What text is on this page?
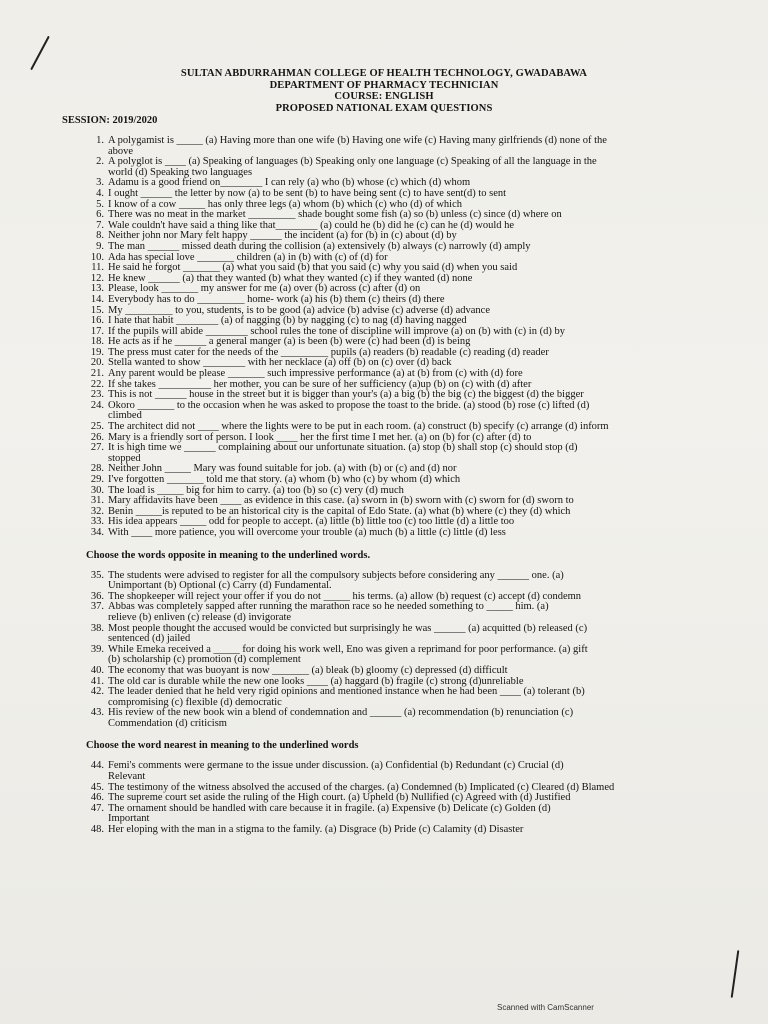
SULTAN ABDURRAHMAN COLLEGE OF HEALTH TECHNOLOGY, GWADABAWA
DEPARTMENT OF PHARMACY TECHNICIAN
COURSE: ENGLISH
PROPOSED NATIONAL EXAM QUESTIONS
SESSION: 2019/2020
1. A polygamist is _____ (a) Having more than one wife (b) Having one wife (c) Having many girlfriends (d) none of the
above
2. A polyglot is ____ (a) Speaking of languages (b) Speaking only one language (c) Speaking of all the language in the
world (d) Speaking two languages
3. Adamu is a good friend on________ I can rely (a) who (b) whose (c) which (d) whom
4. I ought ______ the letter by now (a) to be sent (b) to have being sent (c) to have sent(d) to sent
5. I know of a cow _____ has only three legs (a) whom (b) which (c) who (d) of which
6. There was no meat in the market _________ shade bought some fish (a) so (b) unless (c) since (d) where on
7. Wale couldn't have said a thing like that________ (a) could he (b) did he (c) can he (d) would he
8. Neither john nor Mary felt happy ______ the incident (a) for (b) in (c) about (d) by
9. The man ______ missed death during the collision (a) extensively (b) always (c) narrowly (d) amply
10. Ada has special love _______ children (a) in (b) with (c) of (d) for
11. He said he forgot _______ (a) what you said (b) that you said (c) why you said (d) when you said
12. He knew ______ (a) that they wanted (b) what they wanted (c) if they wanted (d) none
13. Please, look _______ my answer for me (a) over (b) across (c) after (d) on
14. Everybody has to do _________ home- work (a) his (b) them (c) theirs (d) there
15. My _________ to you, students, is to be good (a) advice (b) advise (c) adverse (d) advance
16. I hate that habit ________ (a) of nagging (b) by nagging (c) to nag (d) having nagged
17. If the pupils will abide ________ school rules the tone of discipline will improve (a) on (b) with (c) in (d) by
18. He acts as if he ______ a general manger (a) is been (b) were (c) had been (d) is being
19. The press must cater for the needs of the _________ pupils (a) readers (b) readable (c) reading (d) reader
20. Stella wanted to show ________ with her necklace (a) off (b) on (c) over (d) back
21. Any parent would be please _______ such impressive performance (a) at (b) from (c) with (d) fore
22. If she takes __________ her mother, you can be sure of her sufficiency (a)up (b) on (c) with (d) after
23. This is not ______ house in the street but it is bigger than your's (a) a big (b) the big (c) the biggest (d) the bigger
24. Okoro _______ to the occasion when he was asked to propose the toast to the bride. (a) stood (b) rose (c) lifted (d)
climbed
25. The architect did not ____ where the lights were to be put in each room. (a) construct (b) specify (c) arrange (d) inform
26. Mary is a friendly sort of person. I look ____ her the first time I met her. (a) on (b) for (c) after (d) to
27. It is high time we ______ complaining about our unfortunate situation. (a) stop (b) shall stop (c) should stop (d)
stopped
28. Neither John _____ Mary was found suitable for job. (a) with (b) or (c) and (d) nor
29. I've forgotten _______ told me that story. (a) whom (b) who (c) by whom (d) which
30. The load is _____ big for him to carry. (a) too (b) so (c) very (d) much
31. Mary affidavits have been ____ as evidence in this case. (a) sworn in (b) sworn with (c) sworn for (d) sworn to
32. Benin _____is reputed to be an historical city is the capital of Edo State. (a) what (b) where (c) they (d) which
33. His idea appears _____ odd for people to accept. (a) little (b) little too (c) too little (d) a little too
34. With ____ more patience, you will overcome your trouble (a) much (b) a little (c) little (d) less
Choose the words opposite in meaning to the underlined words.
35. The students were advised to register for all the compulsory subjects before considering any ______ one. (a)
Unimportant (b) Optional (c) Carry (d) Fundamental.
36. The shopkeeper will reject your offer if you do not _____ his terms. (a) allow (b) request (c) accept (d) condemn
37. Abbas was completely sapped after running the marathon race so he needed something to _____ him. (a)
relieve (b) enliven (c) release (d) invigorate
38. Most people thought the accused would be convicted but surprisingly he was ______ (a) acquitted (b) released (c)
sentenced (d) jailed
39. While Emeka received a _____ for doing his work well, Eno was given a reprimand for poor performance. (a) gift
(b) scholarship (c) promotion (d) complement
40. The economy that was buoyant is now _______ (a) bleak (b) gloomy (c) depressed (d) difficult
41. The old car is durable while the new one looks ____ (a) haggard (b) fragile (c) strong (d)unreliable
42. The leader denied that he held very rigid opinions and mentioned instance when he had been ____ (a) tolerant (b)
compromising (c) flexible (d) democratic
43. His review of the new book win a blend of condemnation and ______ (a) recommendation (b) renunciation (c)
Commendation (d) criticism
Choose the word nearest in meaning to the underlined words
44. Femi's comments were germane to the issue under discussion. (a) Confidential (b) Redundant (c) Crucial (d)
Relevant
45. The testimony of the witness absolved the accused of the charges. (a) Condemned (b) Implicated (c) Cleared (d) Blamed
46. The supreme court set aside the ruling of the High court. (a) Upheld (b) Nullified (c) Agreed with (d) Justified
47. The ornament should be handled with care because it in fragile. (a) Expensive (b) Delicate (c) Golden (d)
Important
48. Her eloping with the man in a stigma to the family. (a) Disgrace (b) Pride (c) Calamity (d) Disaster
Scanned with CamScanner
